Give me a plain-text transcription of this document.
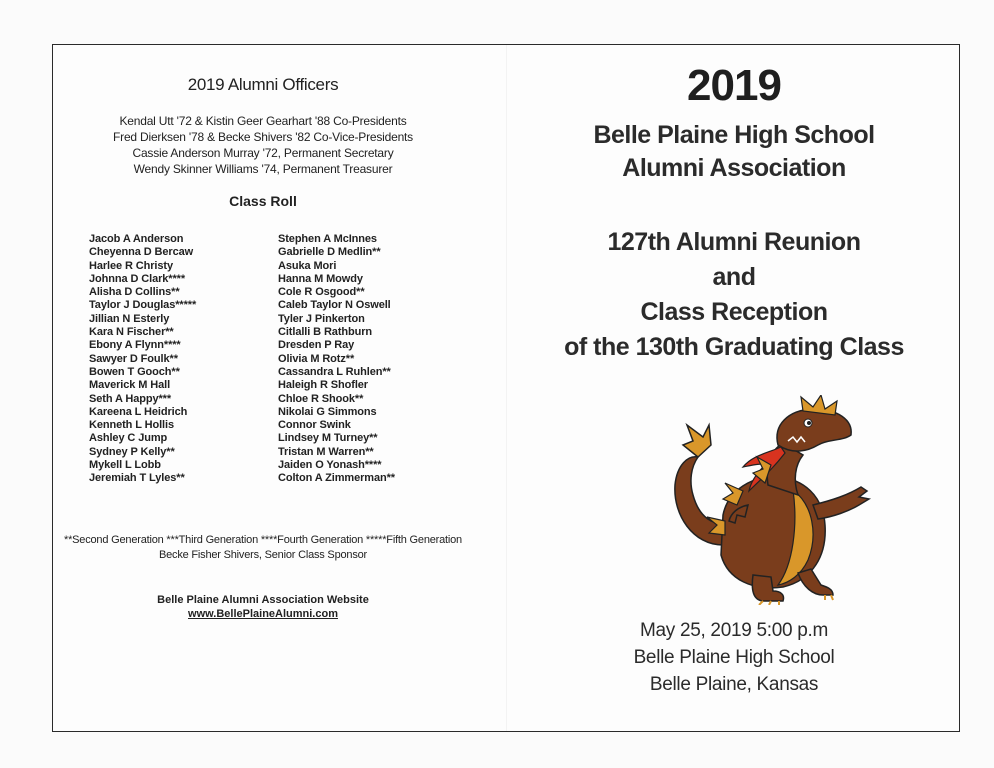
2019 Alumni Officers
Kendal Utt '72 & Kistin Geer Gearhart '88 Co-Presidents
Fred Dierksen '78 & Becke Shivers '82 Co-Vice-Presidents
Cassie Anderson Murray '72, Permanent Secretary
Wendy Skinner Williams '74, Permanent Treasurer
Class Roll
Jacob A Anderson
Cheyenna D Bercaw
Harlee R Christy
Johnna D Clark****
Alisha D Collins**
Taylor J Douglas*****
Jillian N Esterly
Kara N Fischer**
Ebony A Flynn****
Sawyer D Foulk**
Bowen T Gooch**
Maverick M Hall
Seth A Happy***
Kareena L Heidrich
Kenneth L Hollis
Ashley C Jump
Sydney P Kelly**
Mykell L Lobb
Jeremiah T Lyles**
Stephen A McInnes
Gabrielle D Medlin**
Asuka Mori
Hanna M Mowdy
Cole R Osgood**
Caleb Taylor N Oswell
Tyler J Pinkerton
Citlalli B Rathburn
Dresden P Ray
Olivia M Rotz**
Cassandra L Ruhlen**
Haleigh R Shofler
Chloe R Shook**
Nikolai G Simmons
Connor Swink
Lindsey M Turney**
Tristan M Warren**
Jaiden O Yonash****
Colton A Zimmerman**
**Second Generation ***Third Generation ****Fourth Generation *****Fifth Generation
Becke Fisher Shivers, Senior Class Sponsor
Belle Plaine Alumni Association Website
www.BellePlaineAlumni.com
2019
Belle Plaine High School
Alumni Association
127th Alumni Reunion
and
Class Reception
of the 130th Graduating Class
May 25, 2019 5:00 p.m
Belle Plaine High School
Belle Plaine, Kansas
